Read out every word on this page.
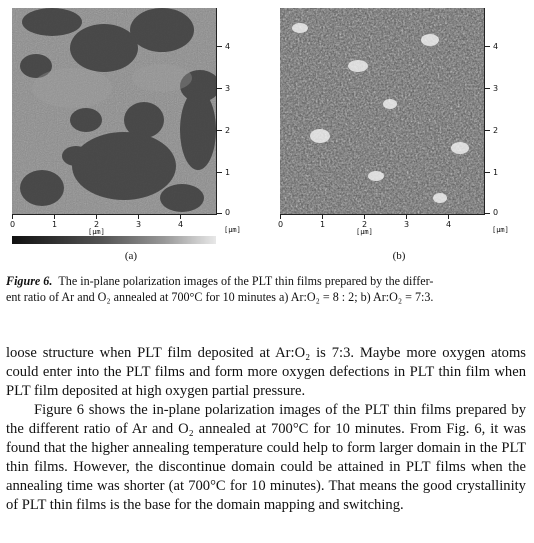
4
3
2
1
0
0	1	2	3	4
[μm]	[μm]
(a)
4
3
2
1
0
0	1	2	3	4
[μm]	[μm]
(b)
Figure 6. The in-plane polarization images of the PLT thin films prepared by the differ-
ent ratio of Ar and O₂ annealed at 700°C for 10 minutes a) Ar:O₂ = 8 : 2; b) Ar:O₂ = 7:3.

loose structure when PLT film deposited at Ar:O₂ is 7:3. Maybe more oxygen atoms could enter into the PLT films and form more oxygen defections in PLT thin film when PLT film deposited at high oxygen partial pressure.

Figure 6 shows the in-plane polarization images of the PLT thin films prepared by the different ratio of Ar and O₂ annealed at 700°C for 10 minutes. From Fig. 6, it was found that the higher annealing temperature could help to form larger domain in the PLT thin films. However, the discontinue domain could be attained in PLT films when the annealing time was shorter (at 700°C for 10 minutes). That means the good crystallinity of PLT thin films is the base for the domain mapping and switching.
